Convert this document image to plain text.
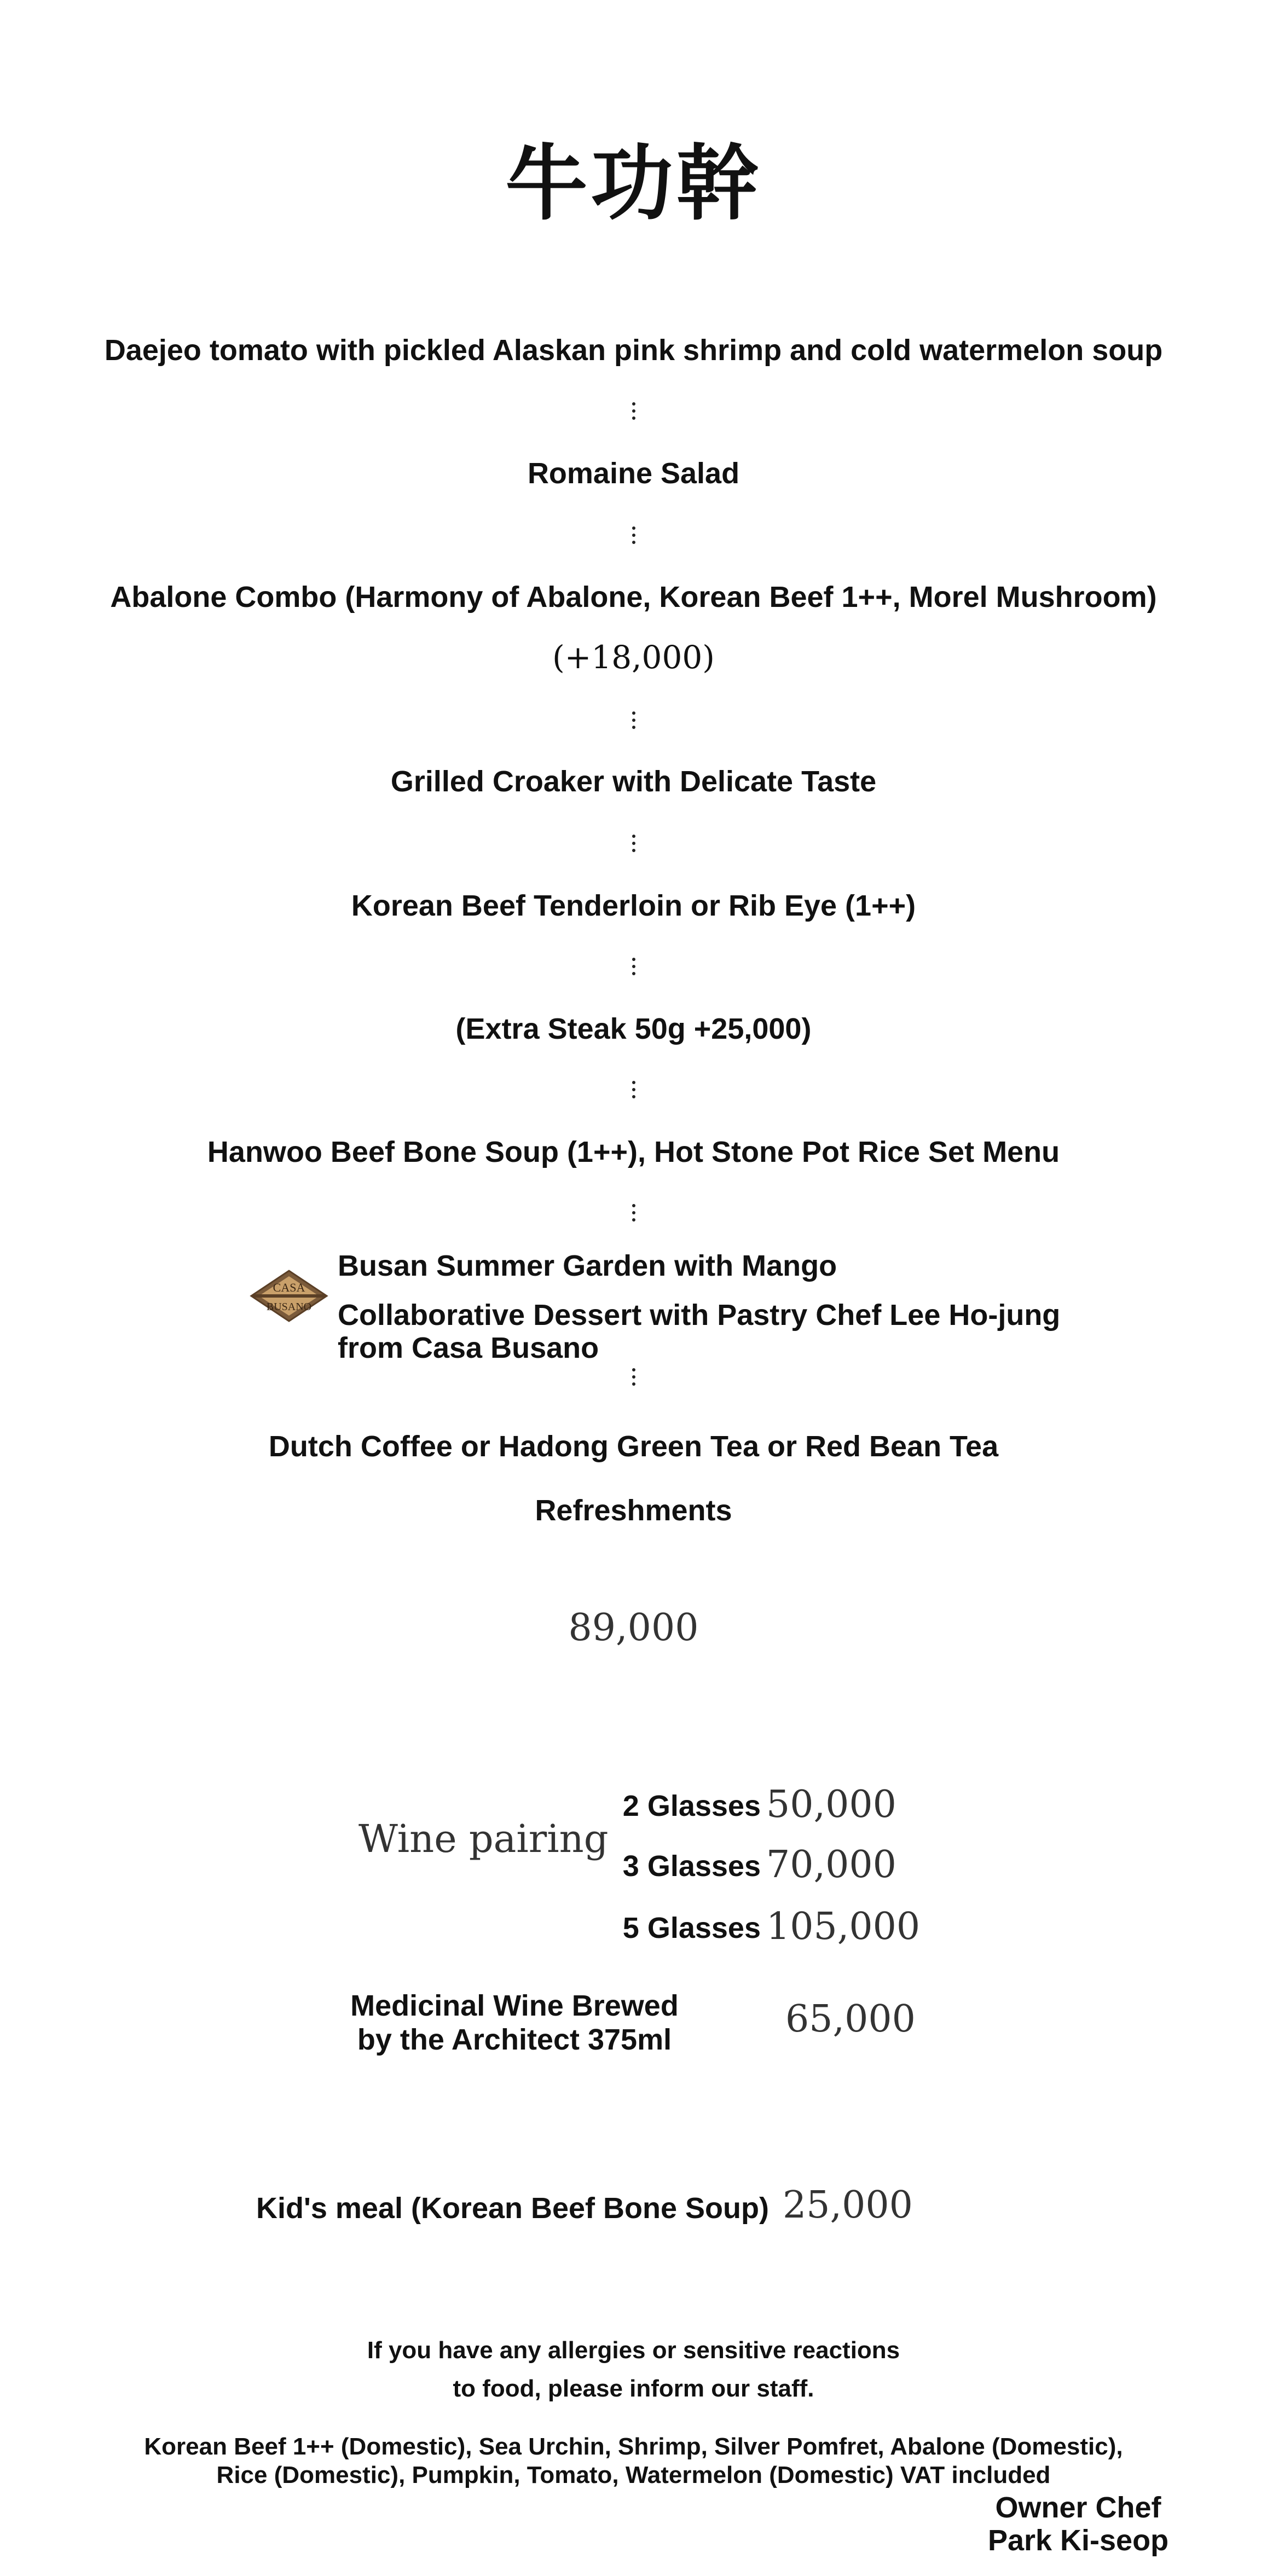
牛功幹

Daejeo tomato with pickled Alaskan pink shrimp and cold watermelon soup

Romaine Salad

Abalone Combo (Harmony of Abalone, Korean Beef 1++, Morel Mushroom)

(+18,000)

Grilled Croaker with Delicate Taste

Korean Beef Tenderloin or Rib Eye (1++)

(Extra Steak 50g +25,000)

Hanwoo Beef Bone Soup (1++), Hot Stone Pot Rice Set Menu

CASA
BUSANO

Busan Summer Garden with Mango

Collaborative Dessert with Pastry Chef Lee Ho-jung

from Casa Busano

Dutch Coffee or Hadong Green Tea or Red Bean Tea

Refreshments

89,000

Wine pairing

2 Glasses 50,000

3 Glasses 70,000

5 Glasses 105,000

Medicinal Wine Brewed

by the Architect 375ml	65,000

Kid's meal (Korean Beef Bone Soup) 25,000

If you have any allergies or sensitive reactions

to food, please inform our staff.

Korean Beef 1++ (Domestic), Sea Urchin, Shrimp, Silver Pomfret, Abalone (Domestic),

Rice (Domestic), Pumpkin, Tomato, Watermelon (Domestic) VAT included

Owner Chef

Park Ki-seop
